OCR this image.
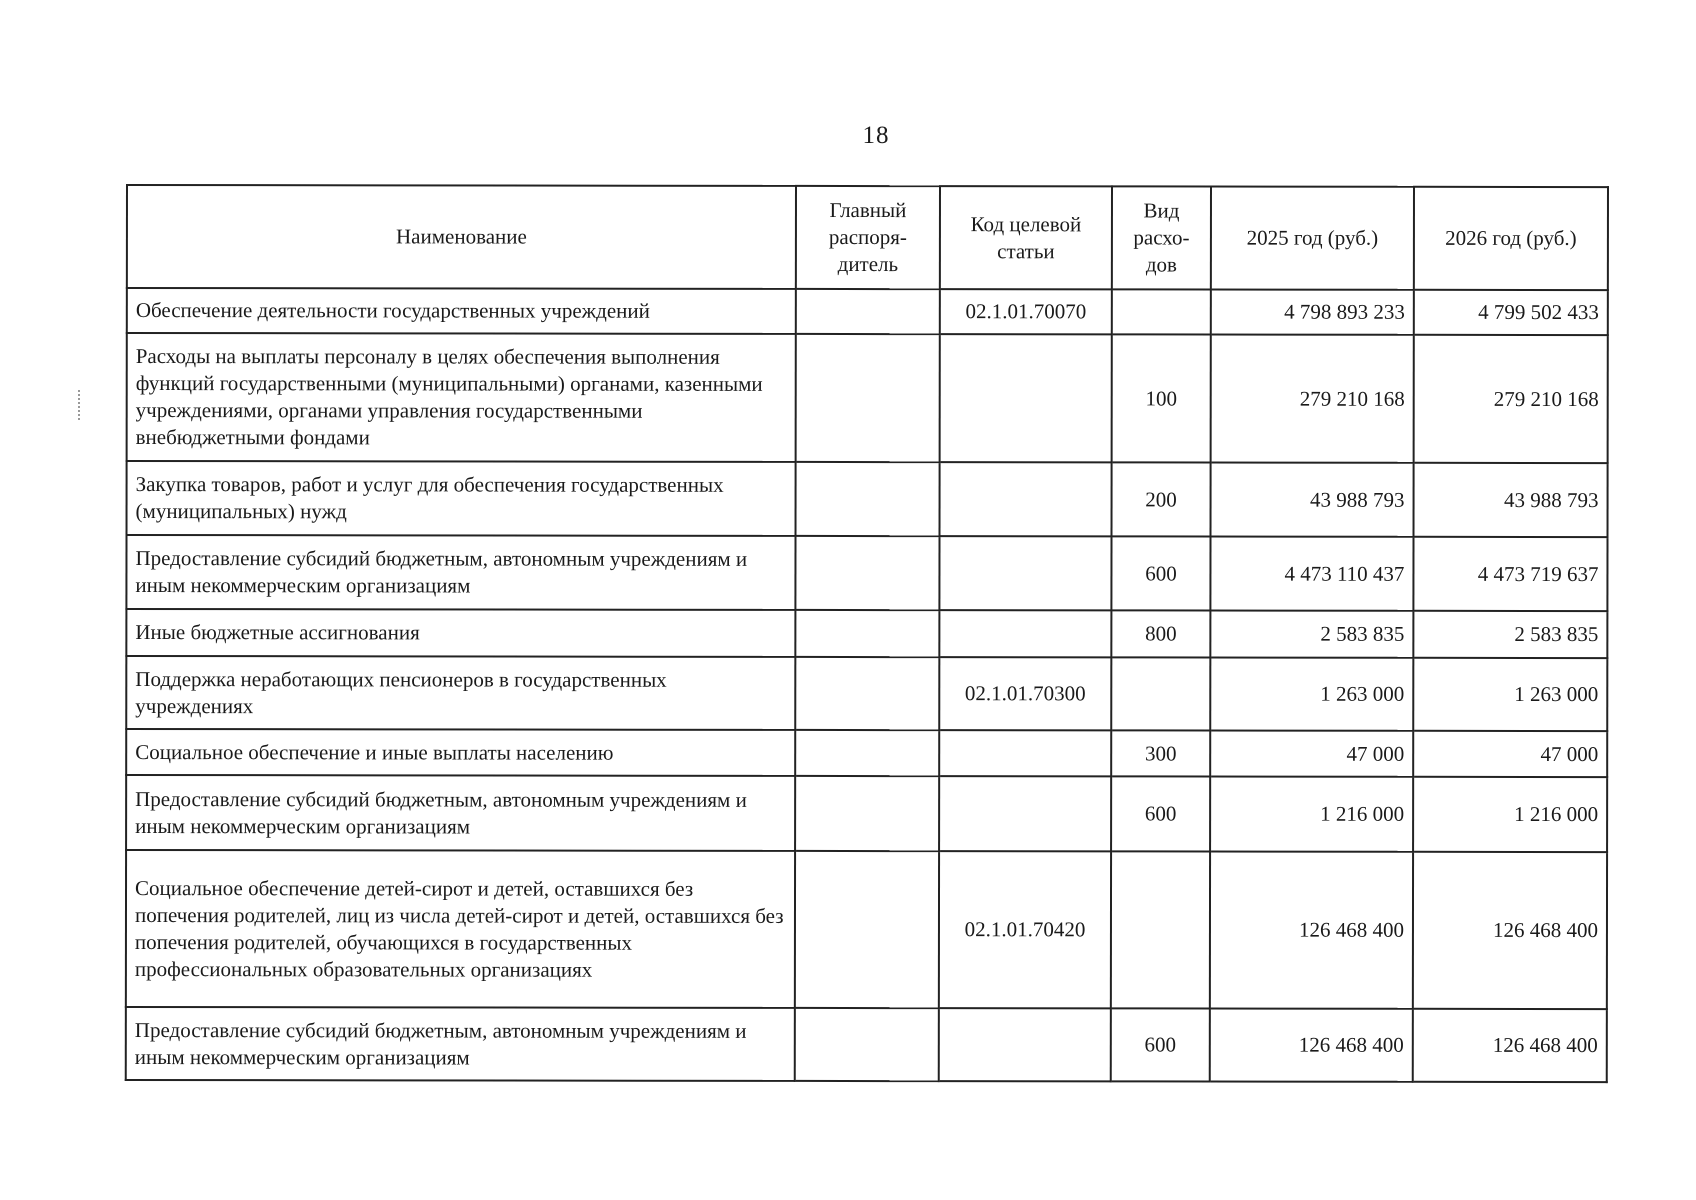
18
Наименование	Главный распоря-дитель	Код целевой статьи	Вид расхо-дов	2025 год (руб.)	2026 год (руб.)
Обеспечение деятельности государственных учреждений		02.1.01.70070		4 798 893 233	4 799 502 433
Расходы на выплаты персоналу в целях обеспечения выполнения функций государственными (муниципальными) органами, казенными учреждениями, органами управления государственными внебюджетными фондами			100	279 210 168	279 210 168
Закупка товаров, работ и услуг для обеспечения государственных (муниципальных) нужд			200	43 988 793	43 988 793
Предоставление субсидий бюджетным, автономным учреждениям и иным некоммерческим организациям			600	4 473 110 437	4 473 719 637
Иные бюджетные ассигнования			800	2 583 835	2 583 835
Поддержка неработающих пенсионеров в государственных учреждениях		02.1.01.70300		1 263 000	1 263 000
Социальное обеспечение и иные выплаты населению			300	47 000	47 000
Предоставление субсидий бюджетным, автономным учреждениям и иным некоммерческим организациям			600	1 216 000	1 216 000
Социальное обеспечение детей-сирот и детей, оставшихся без попечения родителей, лиц из числа детей-сирот и детей, оставшихся без попечения родителей, обучающихся в государственных профессиональных образовательных организациях		02.1.01.70420		126 468 400	126 468 400
Предоставление субсидий бюджетным, автономным учреждениям и иным некоммерческим организациям			600	126 468 400	126 468 400
